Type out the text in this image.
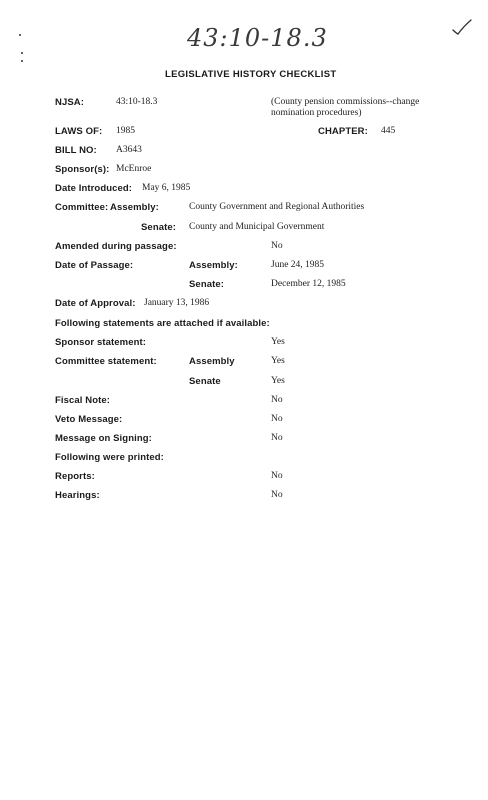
43:10-18.3
LEGISLATIVE HISTORY CHECKLIST
NJSA:	43:10-18.3	(County pension commissions--change nomination procedures)
LAWS OF: 1985	CHAPTER: 445
BILL NO: A3643
Sponsor(s): McEnroe
Date Introduced: May 6, 1985
Committee: Assembly:	County Government and Regional Authorities
Senate: County and Municipal Government
Amended during passage:	No
Date of Passage:	Assembly:	June 24, 1985
Senate:	December 12, 1985
Date of Approval: January 13, 1986
Following statements are attached if available:
Sponsor statement:	Yes
Committee statement:	Assembly	Yes
Senate	Yes
Fiscal Note:	No
Veto Message:	No
Message on Signing:	No
Following were printed:
Reports:	No
Hearings:	No
